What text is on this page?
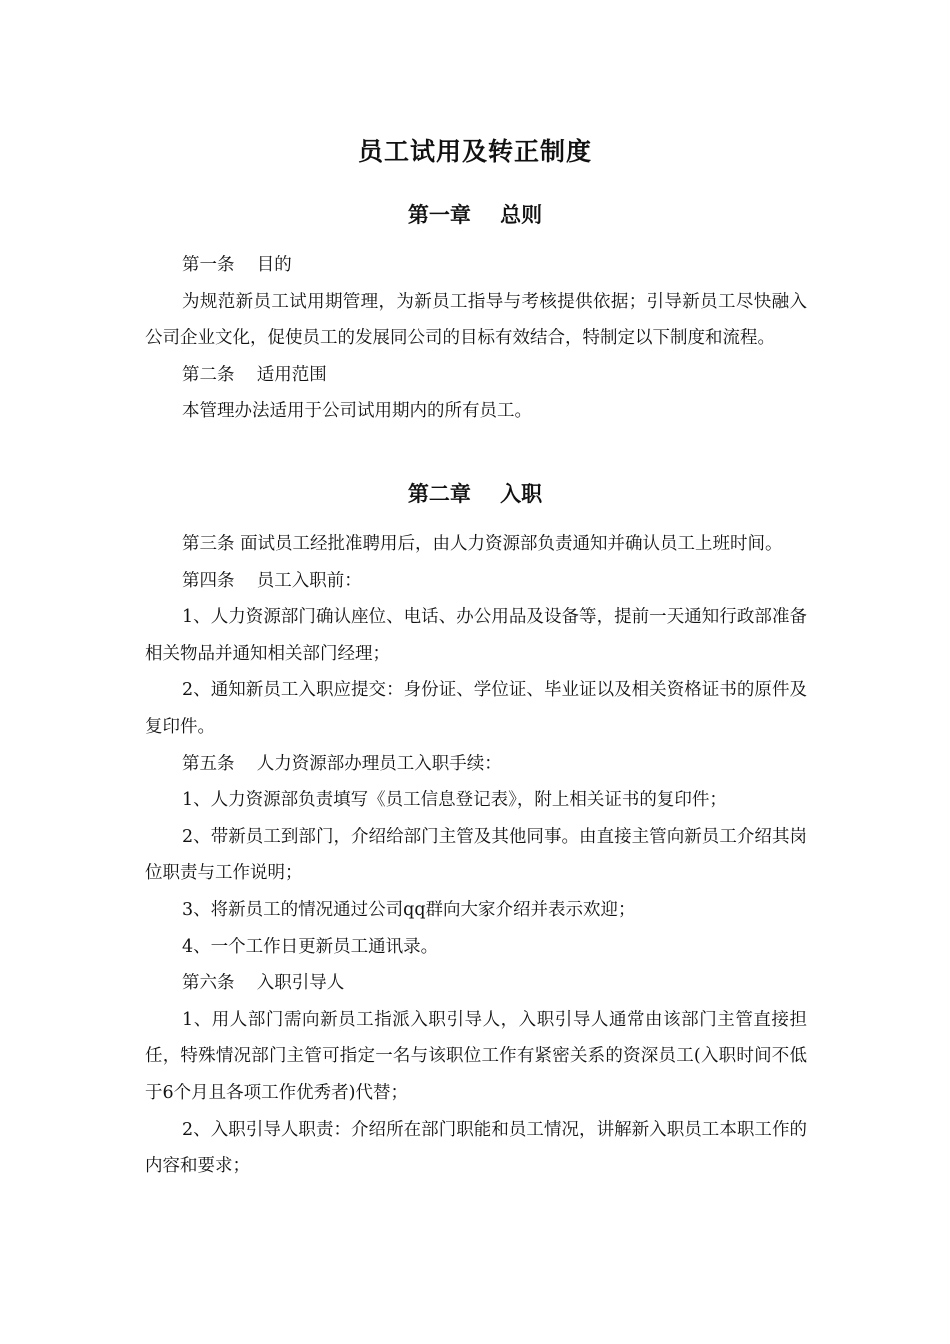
员工试用及转正制度
第一章    总则

第一条    目的

为规范新员工试用期管理，为新员工指导与考核提供依据；引导新员工尽快融入公司企业文化，促使员工的发展同公司的目标有效结合，特制定以下制度和流程。

第二条    适用范围

本管理办法适用于公司试用期内的所有员工。

第二章    入职

第三条 面试员工经批准聘用后，由人力资源部负责通知并确认员工上班时间。

第四条    员工入职前：

1、人力资源部门确认座位、电话、办公用品及设备等，提前一天通知行政部准备相关物品并通知相关部门经理；

2、通知新员工入职应提交：身份证、学位证、毕业证以及相关资格证书的原件及复印件。

第五条    人力资源部办理员工入职手续：

1、人力资源部负责填写《员工信息登记表》，附上相关证书的复印件；

2、带新员工到部门，介绍给部门主管及其他同事。由直接主管向新员工介绍其岗位职责与工作说明；

3、将新员工的情况通过公司qq群向大家介绍并表示欢迎；

4、一个工作日更新员工通讯录。

第六条    入职引导人

1、用人部门需向新员工指派入职引导人，入职引导人通常由该部门主管直接担任，特殊情况部门主管可指定一名与该职位工作有紧密关系的资深员工(入职时间不低于6个月且各项工作优秀者)代替；

2、入职引导人职责：介绍所在部门职能和员工情况，讲解新入职员工本职工作的内容和要求；
